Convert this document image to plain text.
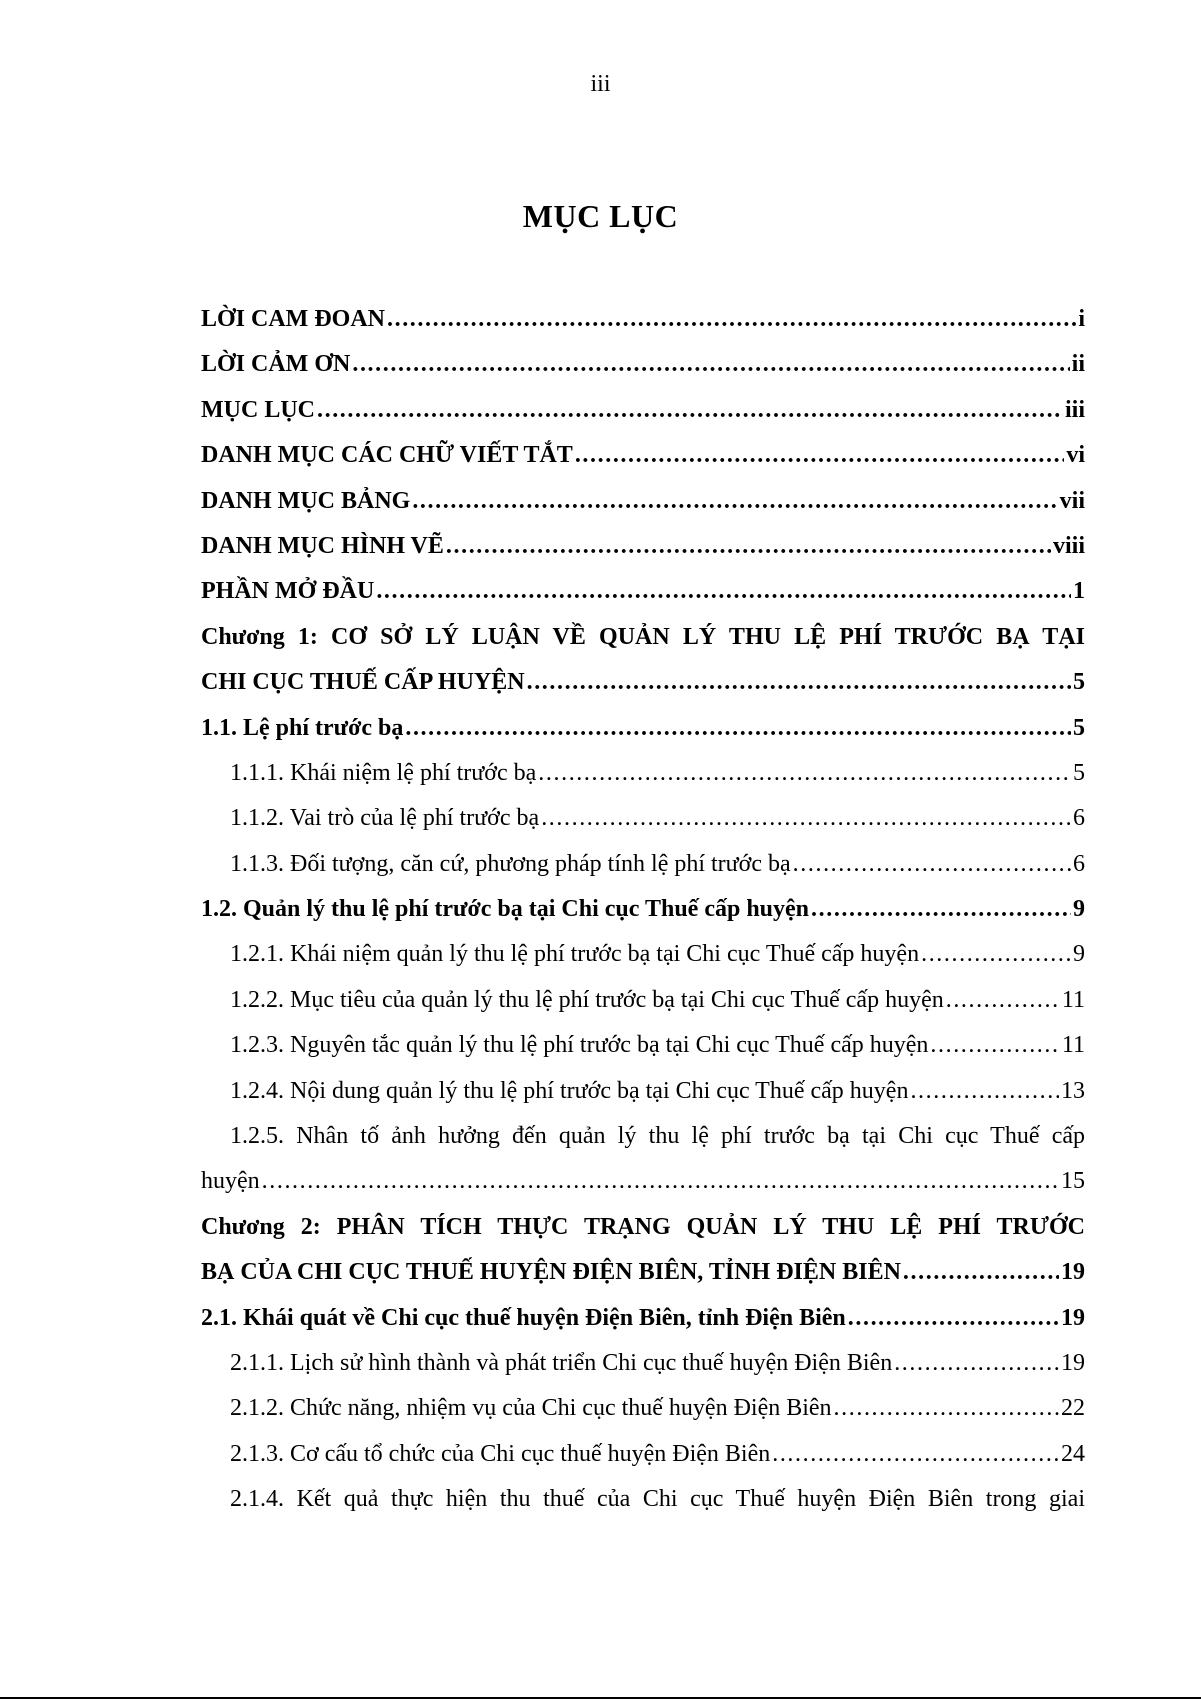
iii
MỤC LỤC
LỜI CAM ĐOAN . . .	i
LỜI CẢM ƠN . . .	ii
MỤC LỤC . . .	iii
DANH MỤC CÁC CHỮ VIẾT TẮT . . .	vi
DANH MỤC BẢNG . . .	vii
DANH MỤC HÌNH VẼ . . .	viii
PHẦN MỞ ĐẦU . . .	1
Chương 1: CƠ SỞ LÝ LUẬN VỀ QUẢN LÝ THU LỆ PHÍ TRƯỚC BẠ TẠI
CHI CỤC THUẾ CẤP HUYỆN . . .	5
1.1. Lệ phí trước bạ . . .	5
1.1.1. Khái niệm lệ phí trước bạ . . .	5
1.1.2. Vai trò của lệ phí trước bạ . . .	6
1.1.3. Đối tượng, căn cứ, phương pháp tính lệ phí trước bạ . . .	6
1.2. Quản lý thu lệ phí trước bạ tại Chi cục Thuế cấp huyện . . .	9
1.2.1. Khái niệm quản lý thu lệ phí trước bạ tại Chi cục Thuế cấp huyện . . .	9
1.2.2. Mục tiêu của quản lý thu lệ phí trước bạ tại Chi cục Thuế cấp huyện . . .	11
1.2.3. Nguyên tắc quản lý thu lệ phí trước bạ tại Chi cục Thuế cấp huyện . . .	11
1.2.4. Nội dung quản lý thu lệ phí trước bạ tại Chi cục Thuế cấp huyện . . .	13
1.2.5. Nhân tố ảnh hưởng đến quản lý thu lệ phí trước bạ tại Chi cục Thuế cấp
huyện . . .	15
Chương 2: PHÂN TÍCH THỰC TRẠNG QUẢN LÝ THU LỆ PHÍ TRƯỚC
BẠ CỦA CHI CỤC THUẾ HUYỆN ĐIỆN BIÊN, TỈNH ĐIỆN BIÊN . . .	19
2.1. Khái quát về Chi cục thuế huyện Điện Biên, tỉnh Điện Biên . . .	19
2.1.1. Lịch sử hình thành và phát triển Chi cục thuế huyện Điện Biên . . .	19
2.1.2. Chức năng, nhiệm vụ của Chi cục thuế huyện Điện Biên . . .	22
2.1.3. Cơ cấu tổ chức của Chi cục thuế huyện Điện Biên . . .	24
2.1.4. Kết quả thực hiện thu thuế của Chi cục Thuế huyện Điện Biên trong giai
